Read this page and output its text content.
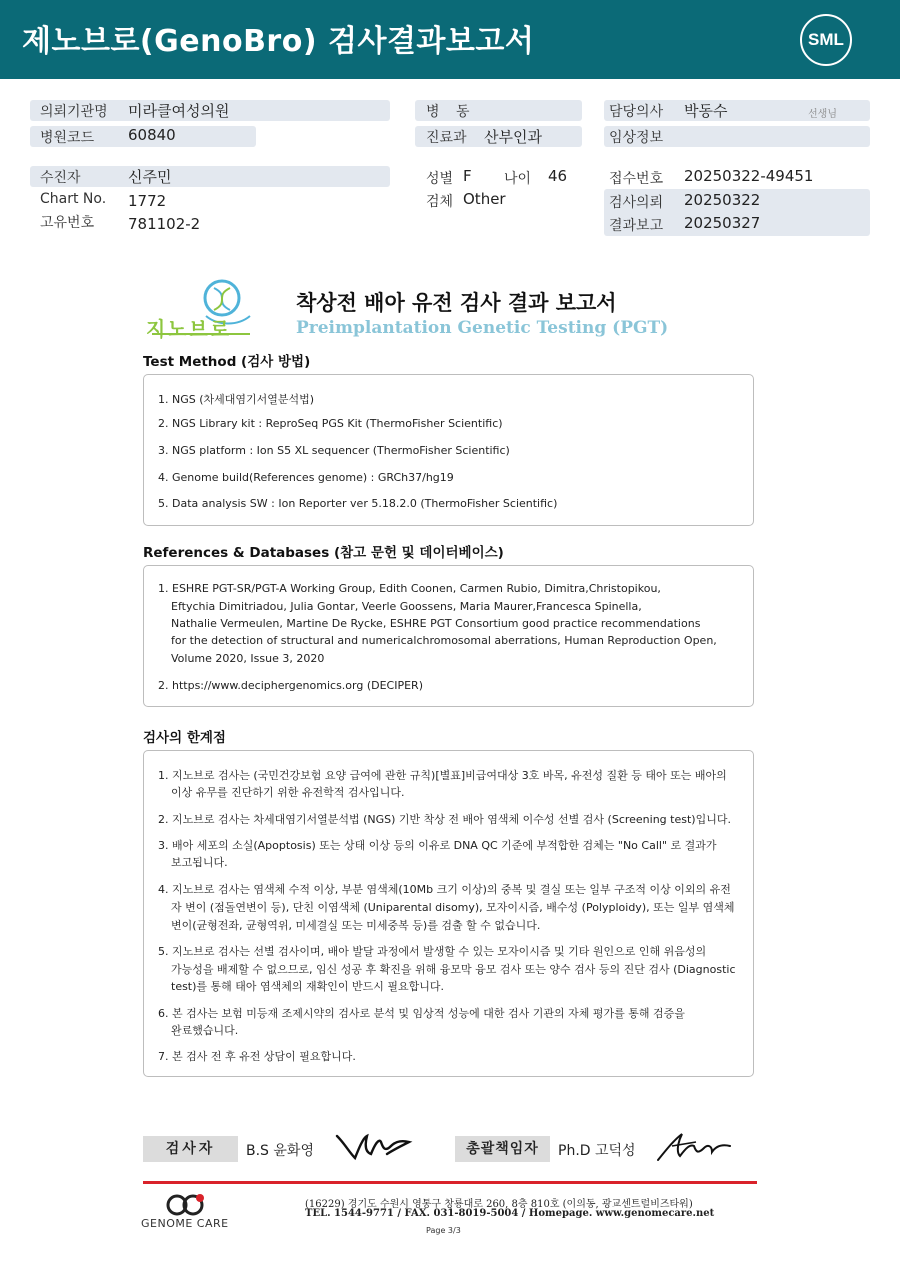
제노브로(GenoBro) 검사결과보고서	SML
의뢰기관명 미라클여성의원
병원코드 60840
수진자	신주민
Chart No. 1772
고유번호 781102-2
병 동
진료과 산부인과
성별 F 나이 46
검체 Other
담당의사 박동수	선생님
임상정보
접수번호 20250322-49451
검사의뢰 20250322
결과보고 20250327
지노브로
착상전 배아 유전 검사 결과 보고서
Preimplantation Genetic Testing (PGT)
Test Method (검사 방법)
1. NGS (차세대염기서열분석법)
2. NGS Library kit : ReproSeq PGS Kit (ThermoFisher Scientific)
3. NGS platform : Ion S5 XL sequencer (ThermoFisher Scientific)
4. Genome build(References genome) : GRCh37/hg19
5. Data analysis SW : Ion Reporter ver 5.18.2.0 (ThermoFisher Scientific)
References & Databases (참고 문헌 및 데이터베이스)
1. ESHRE PGT-SR/PGT-A Working Group, Edith Coonen, Carmen Rubio, Dimitra,Christopikou,
Eftychia Dimitriadou, Julia Gontar, Veerle Goossens, Maria Maurer,Francesca Spinella,
Nathalie Vermeulen, Martine De Rycke, ESHRE PGT Consortium good practice recommendations
for the detection of structural and numericalchromosomal aberrations, Human Reproduction Open,
Volume 2020, Issue 3, 2020
2. https://www.deciphergenomics.org (DECIPER)
검사의 한계점
1. 지노브로 검사는 (국민건강보험 요양 급여에 관한 규칙)[별표]비급여대상 3호 바목, 유전성 질환 등 태아 또는 배아의
이상 유무를 진단하기 위한 유전학적 검사입니다.
2. 지노브로 검사는 차세대염기서열분석법 (NGS) 기반 착상 전 배아 염색체 이수성 선별 검사 (Screening test)입니다.
3. 배아 세포의 소실(Apoptosis) 또는 상태 이상 등의 이유로 DNA QC 기준에 부적합한 검체는 "No Call" 로 결과가
보고됩니다.
4. 지노브로 검사는 염색체 수적 이상, 부분 염색체(10Mb 크기 이상)의 중복 및 결실 또는 일부 구조적 이상 이외의 유전
자 변이 (점돌연변이 등), 단친 이염색체 (Uniparental disomy), 모자이시즘, 배수성 (Polyploidy), 또는 일부 염색체
변이(균형전좌, 균형역위, 미세결실 또는 미세중복 등)를 검출 할 수 없습니다.
5. 지노브로 검사는 선별 검사이며, 배아 발달 과정에서 발생할 수 있는 모자이시즘 및 기타 원인으로 인해 위음성의
가능성을 배제할 수 없으므로, 임신 성공 후 확진을 위해 융모막 융모 검사 또는 양수 검사 등의 진단 검사 (Diagnostic
test)를 통해 태아 염색체의 재확인이 반드시 필요합니다.
6. 본 검사는 보험 미등재 조제시약의 검사로 분석 및 임상적 성능에 대한 검사 기관의 자체 평가를 통해 검증을
완료했습니다.
7. 본 검사 전 후 유전 상담이 필요합니다.
검사자	B.S 윤화영	총괄책임자	Ph.D 고덕성
GENOME CARE
(16229) 경기도 수원시 영통구 창룡대로 260, 8층 810호 (이의동, 광교센트럴비즈타워)
TEL. 1544-9771 / FAX. 031-8019-5004 / Homepage. www.genomecare.net
Page 3/3
